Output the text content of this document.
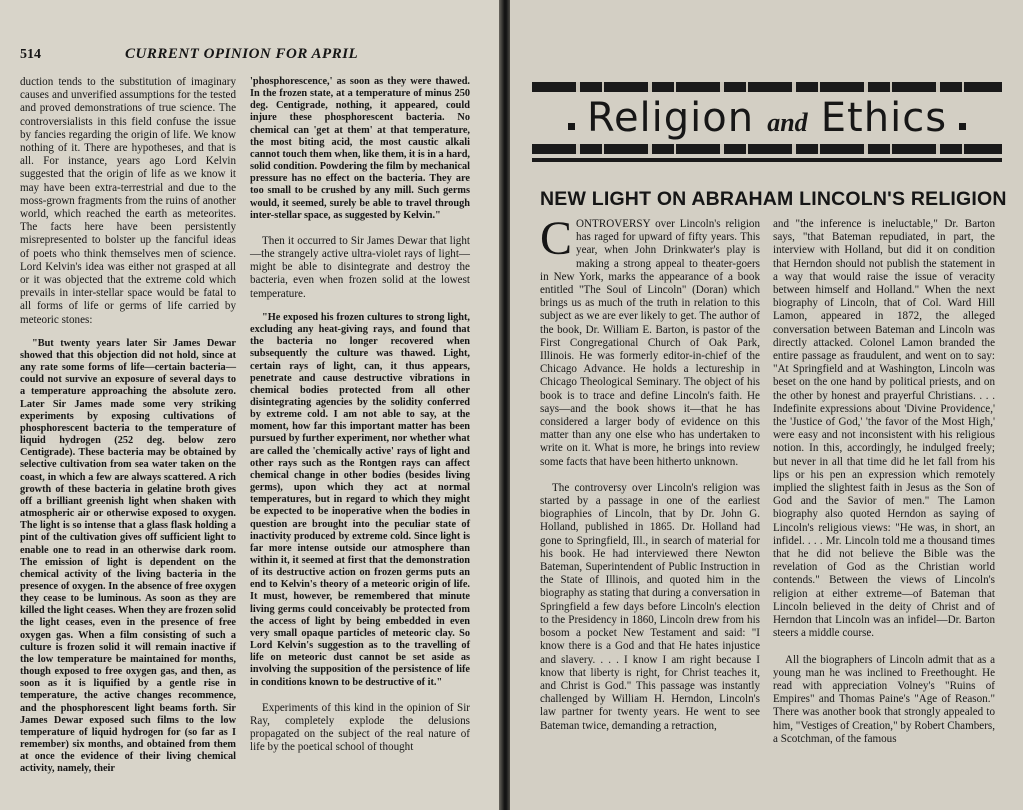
514	CURRENT OPINION FOR APRIL

duction tends to the substitution of imaginary causes and unverified assumptions for the tested and proved demonstrations of true science. The controversialists in this field confuse the issue by fancies regarding the origin of life. We know nothing of it. There are hypotheses, and that is all. For instance, years ago Lord Kelvin suggested that the origin of life as we know it may have been extra-terrestrial and due to the moss-grown fragments from the ruins of another world, which reached the earth as meteorites. The facts here have been persistently misrepresented to bolster up the fanciful ideas of poets who think themselves men of science. Lord Kelvin's idea was either not grasped at all or it was objected that the extreme cold which prevails in inter-stellar space would be fatal to all forms of life or germs of life carried by meteoric stones:

"But twenty years later Sir James Dewar showed that this objection did not hold, since at any rate some forms of life—certain bacteria—could not survive an exposure of several days to a temperature approaching the absolute zero. Later Sir James made some very striking experiments by exposing cultivations of phosphorescent bacteria to the temperature of liquid hydrogen (252 deg. below zero Centigrade). These bacteria may be obtained by selective cultivation from sea water taken on the coast, in which a few are always scattered. A rich growth of these bacteria in gelatine broth gives off a brilliant greenish light when shaken with atmospheric air or otherwise exposed to oxygen. The light is so intense that a glass flask holding a pint of the cultivation gives off sufficient light to enable one to read in an otherwise dark room. The emission of light is dependent on the chemical activity of the living bacteria in the presence of oxygen. In the absence of free oxygen they cease to be luminous. As soon as they are killed the light ceases. When they are frozen solid the light ceases, even in the presence of free oxygen gas. When a film consisting of such a culture is frozen solid it will remain inactive if the low temperature be maintained for months, though exposed to free oxygen gas, and then, as soon as it is liquified by a gentle rise in temperature, the active changes recommence, and the phosphorescent light beams forth. Sir James Dewar exposed such films to the low temperature of liquid hydrogen for (so far as I remember) six months, and obtained from them at once the evidence of their living chemical activity, namely, their

'phosphorescence,' as soon as they were thawed. In the frozen state, at a temperature of minus 250 deg. Centigrade, nothing, it appeared, could injure these phosphorescent bacteria. No chemical can 'get at them' at that temperature, the most biting acid, the most caustic alkali cannot touch them when, like them, it is in a hard, solid condition. Powdering the film by mechanical pressure has no effect on the bacteria. They are too small to be crushed by any mill. Such germs would, it seemed, surely be able to travel through inter-stellar space, as suggested by Kelvin."

Then it occurred to Sir James Dewar that light—the strangely active ultra-violet rays of light—might be able to disintegrate and destroy the bacteria, even when frozen solid at the lowest temperature.

"He exposed his frozen cultures to strong light, excluding any heat-giving rays, and found that the bacteria no longer recovered when subsequently the culture was thawed. Light, certain rays of light, can, it thus appears, penetrate and cause destructive vibrations in chemical bodies protected from all other disintegrating agencies by the solidity conferred by extreme cold. I am not able to say, at the moment, how far this important matter has been pursued by further experiment, nor whether what are called the 'chemically active' rays of light and other rays such as the Rontgen rays can affect chemical change in other bodies (besides living germs), upon which they act at normal temperatures, but in regard to which they might be expected to be inoperative when the bodies in question are brought into the peculiar state of inactivity produced by extreme cold. Since light is far more intense outside our atmosphere than within it, it seemed at first that the demonstration of its destructive action on frozen germs puts an end to Kelvin's theory of a meteoric origin of life. It must, however, be remembered that minute living germs could conceivably be protected from the access of light by being embedded in even very small opaque particles of meteoric clay. So Lord Kelvin's suggestion as to the travelling of life on meteoric dust cannot be set aside as involving the supposition of the persistence of life in conditions known to be destructive of it."

Experiments of this kind in the opinion of Sir Ray, completely explode the delusions propagated on the subject of the real nature of life by the poetical school of thought

Religion and Ethics
NEW LIGHT ON ABRAHAM LINCOLN'S RELIGION

CONTROVERSY over Lincoln's religion has raged for upward of fifty years. This year, when John Drinkwater's play is making a strong appeal to theater-goers in New York, marks the appearance of a book entitled "The Soul of Lincoln" (Doran) which brings us as much of the truth in relation to this subject as we are ever likely to get. The author of the book, Dr. William E. Barton, is pastor of the First Congregational Church of Oak Park, Illinois. He was formerly editor-in-chief of the Chicago Advance. He holds a lectureship in Chicago Theological Seminary. The object of his book is to trace and define Lincoln's faith. He says—and the book shows it—that he has considered a larger body of evidence on this matter than any one else who has undertaken to write on it. What is more, he brings into review some facts that have been hitherto unknown.

The controversy over Lincoln's religion was started by a passage in one of the earliest biographies of Lincoln, that by Dr. John G. Holland, published in 1865. Dr. Holland had gone to Springfield, Ill., in search of material for his book. He had interviewed there Newton Bateman, Superintendent of Public Instruction in the State of Illinois, and quoted him in the biography as stating that during a conversation in Springfield a few days before Lincoln's election to the Presidency in 1860, Lincoln drew from his bosom a pocket New Testament and said: "I know there is a God and that He hates injustice and slavery. . . . I know I am right because I know that liberty is right, for Christ teaches it, and Christ is God." This passage was instantly challenged by William H. Herndon, Lincoln's law partner for twenty years. He went to see Bateman twice, demanding a retraction,

and "the inference is ineluctable," Dr. Barton says, "that Bateman repudiated, in part, the interview with Holland, but did it on condition that Herndon should not publish the statement in a way that would raise the issue of veracity between himself and Holland." When the next biography of Lincoln, that of Col. Ward Hill Lamon, appeared in 1872, the alleged conversation between Bateman and Lincoln was directly attacked. Colonel Lamon branded the entire passage as fraudulent, and went on to say: "At Springfield and at Washington, Lincoln was beset on the one hand by political priests, and on the other by honest and prayerful Christians. . . . Indefinite expressions about 'Divine Providence,' the 'Justice of God,' 'the favor of the Most High,' were easy and not inconsistent with his religious notion. In this, accordingly, he indulged freely; but never in all that time did he let fall from his lips or his pen an expression which remotely implied the slightest faith in Jesus as the Son of God and the Savior of men." The Lamon biography also quoted Herndon as saying of Lincoln's religious views: "He was, in short, an infidel. . . . Mr. Lincoln told me a thousand times that he did not believe the Bible was the revelation of God as the Christian world contends." Between the views of Lincoln's religion at either extreme—of Bateman that Lincoln believed in the deity of Christ and of Herndon that Lincoln was an infidel—Dr. Barton steers a middle course.

All the biographers of Lincoln admit that as a young man he was inclined to Freethought. He read with appreciation Volney's "Ruins of Empires" and Thomas Paine's "Age of Reason." There was another book that strongly appealed to him, "Vestiges of Creation," by Robert Chambers, a Scotchman, of the famous
